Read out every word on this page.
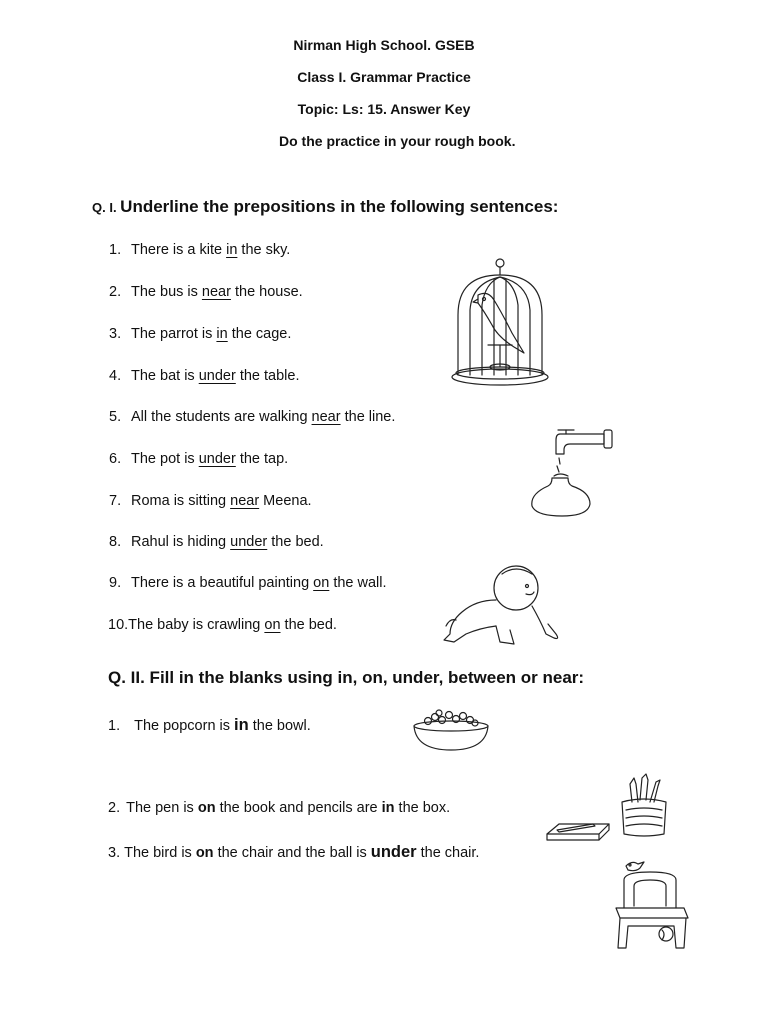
Nirman High School. GSEB
Class I. Grammar Practice
Topic: Ls: 15. Answer Key
Do the practice in your rough book.
Q. I. Underline the prepositions in the following sentences:
1. There is a kite in the sky.
2. The bus is near the house.
3. The parrot is in the cage.
4. The bat is under the table.
5. All the students are walking near the line.
6. The pot is under the tap.
7. Roma is sitting near Meena.
8. Rahul is hiding under the bed.
9. There is a beautiful painting on the wall.
10.The baby is crawling on the bed.
Q. II. Fill in the blanks using in, on, under, between or near:
1. The popcorn is in the bowl.
2. The pen is on the book and pencils are in the box.
3. The bird is on the chair and the ball is under the chair.
